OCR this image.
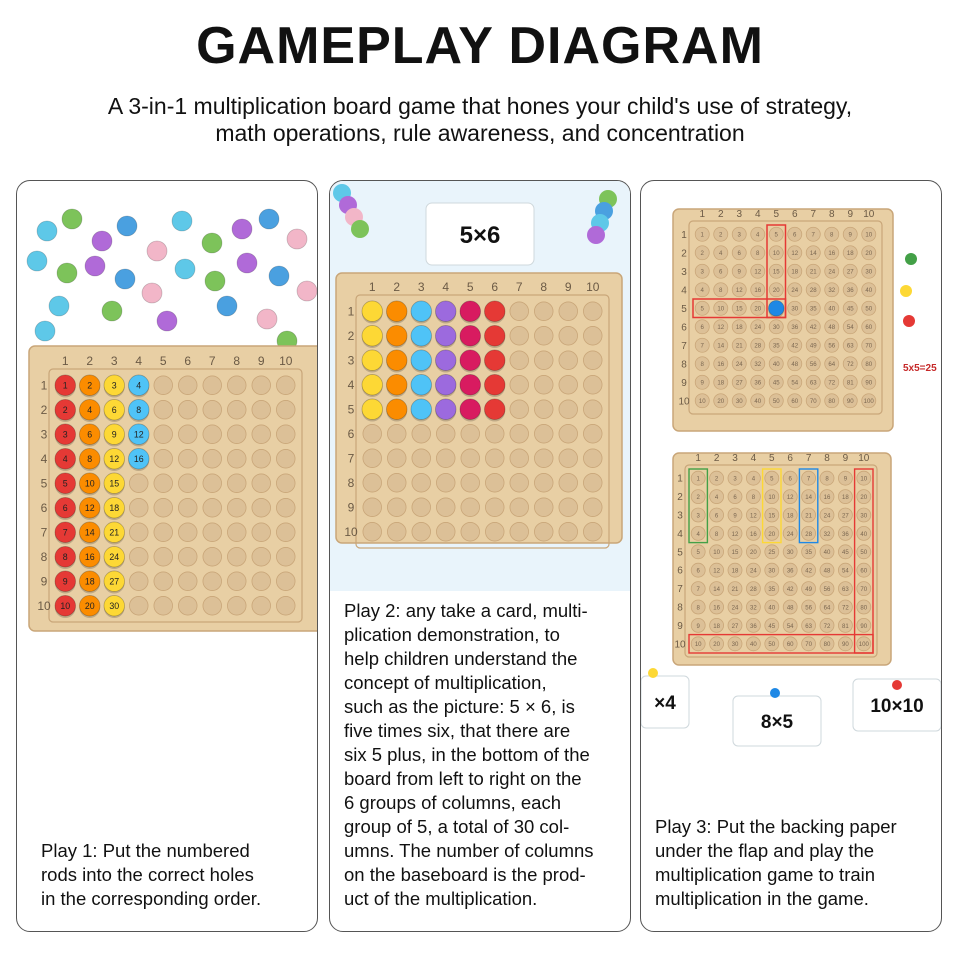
GAMEPLAY DIAGRAM
A 3-in-1 multiplication board game that hones your child's use of strategy,
math operations, rule awareness, and concentration
1
1
2
2
3
3
4
4
5
5
6
6
7
7
8
8
9
9
10
10
1 2 3 4
2 4 6 8
3 6 9 12
4 8 12 16
5 10 15
6 12 18
7 14 21
8 16 24
9 18 27
10 20 30
Play 1: Put the numbered
rods into the correct holes
in the corresponding order.
5×6
1
1
2
2
3
3
4
4
5
5
6
6
7
7
8
8
9
9
10
10
Play 2: any take a card, multi-
plication demonstration, to
help children understand the
concept of multiplication,
such as the picture: 5 × 6, is
five times six, that there are
six 5 plus, in the bottom of the
board from left to right on the
6 groups of columns, each
group of 5, a total of 30 col-
umns. The number of columns
on the baseboard is the prod-
uct of the multiplication.
1
1
2
2
3
3
4
4
5
5
6
6
7
7
8
8
9
9
10
10
1 2 3 4 5 6 7 8 9 10
2 4 6 8 10 12 14 16 18 20
3 6 9 12 15 18 21 24 27 30
4 8 12 16 20 24 28 32 36 40
5 10 15 20	30 35 40 45 50
6 12 18 24 30 36 42 48 54 60
7 14 21 28 35 42 49 56 63 70
8 16 24 32 40 48 56 64 72 80
9 18 27 36 45 54 63 72 81 90
10 20 30 40 50 60 70 80 90 100
5x5=25
1
1
2
2
3
3
4
4
5
5
6
6
7
7
8
8
9
9
10
10
1 2 3 4 5 6 7 8 9 10
2 4 6 8 10 12 14 16 18 20
3 6 9 12 15 18 21 24 27 30
4 8 12 16 20 24 28 32 36 40
5 10 15 20 25 30 35 40 45 50
6 12 18 24 30 36 42 48 54 60
7 14 21 28 35 42 49 56 63 70
8 16 24 32 40 48 56 64 72 80
9 18 27 36 45 54 63 72 81 90
10 20 30 40 50 60 70 80 90 100
×4
8×5
10×10
Play 3: Put the backing paper
under the flap and play the
multiplication game to train
multiplication in the game.
